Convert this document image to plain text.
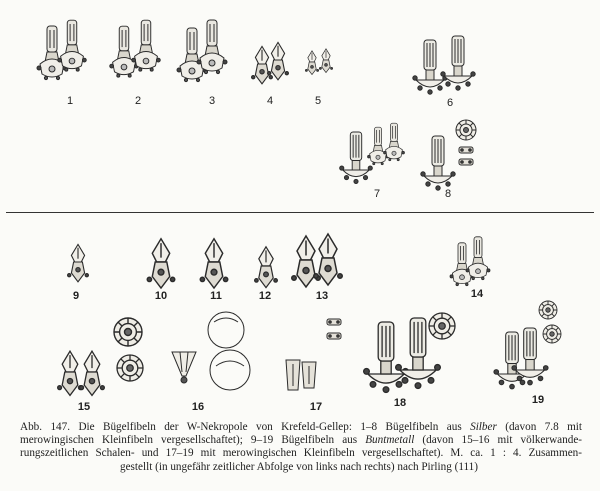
1	2	3	4	5	6
7	8
9	10	11	12	13	14
15	16	17	18	19
Abb. 147. Die Bügelfibeln der W-Nekropole von Krefeld-Gellep: 1–8 Bügelfibeln aus Silber (davon 7.8 mit
merowingischen Kleinfibeln vergesellschaftet); 9–19 Bügelfibeln aus Buntmetall (davon 15–16 mit völkerwande-
rungszeitlichen Schalen- und 17–19 mit merowingischen Kleinfibeln vergesellschaftet). M. ca. 1 : 4. Zusammen-
gestellt (in ungefähr zeitlicher Abfolge von links nach rechts) nach Pirling (111)
